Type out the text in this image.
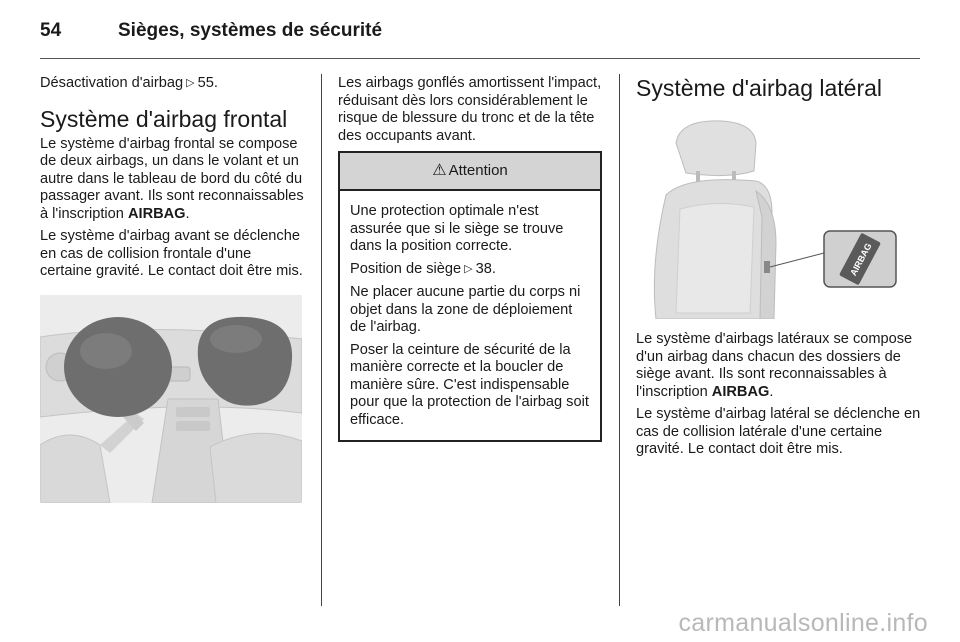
54	Sièges, systèmes de sécurité

Désactivation d'airbag ▷ 55.

Système d'airbag frontal

Le système d'airbag frontal se compose de deux airbags, un dans le volant et un autre dans le tableau de bord du côté du passager avant. Ils sont reconnaissables à l'inscription AIRBAG.

Le système d'airbag avant se déclenche en cas de collision frontale d'une certaine gravité. Le contact doit être mis.

Les airbags gonflés amortissent l'impact, réduisant dès lors considérablement le risque de blessure du tronc et de la tête des occupants avant.

⚠ Attention

Une protection optimale n'est assurée que si le siège se trouve dans la position correcte.

Position de siège ▷ 38.

Ne placer aucune partie du corps ni objet dans la zone de déploiement de l'airbag.

Poser la ceinture de sécurité de la manière correcte et la boucler de manière sûre. C'est indispensable pour que la protection de l'airbag soit efficace.

Système d'airbag latéral
AIRBAG

Le système d'airbags latéraux se compose d'un airbag dans chacun des dossiers de siège avant. Ils sont reconnaissables à l'inscription AIRBAG.

Le système d'airbag latéral se déclenche en cas de collision latérale d'une certaine gravité. Le contact doit être mis.

carmanualsonline.info
